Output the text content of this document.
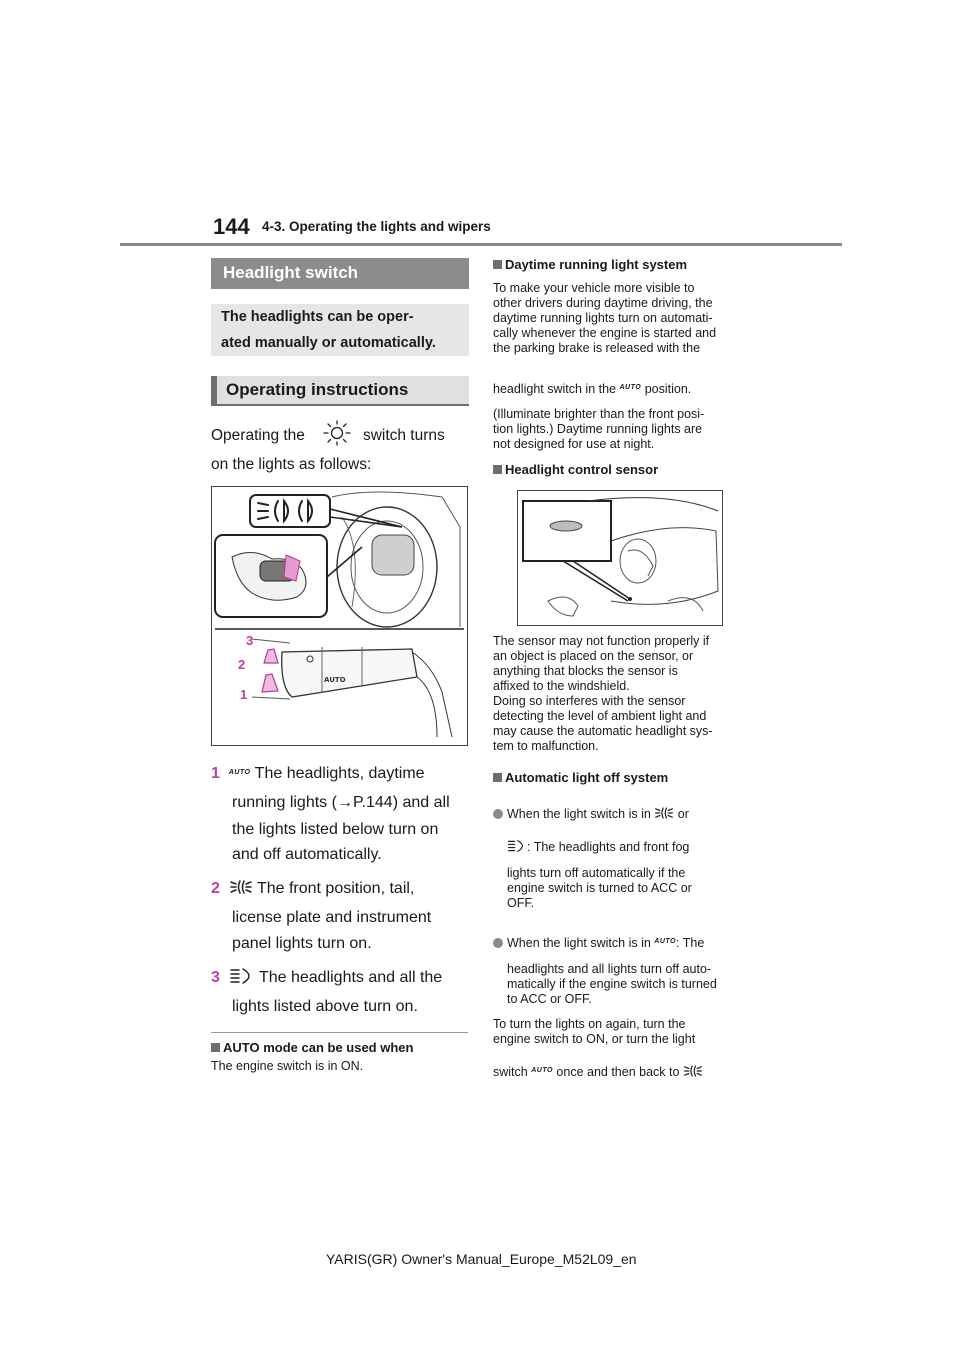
144 4-3. Operating the lights and wipers
Headlight switch
The headlights can be oper-
ated manually or automatically.
Operating instructions
Operating the	switch turns
on the lights as follows:
AUTO
3
2
1
1 $^{AUTO}$ The headlights, daytime
running lights (→P.144) and all
the lights listed below turn on
and off automatically.
2 The front position, tail,
license plate and instrument
panel lights turn on.
3 The headlights and all the
lights listed above turn on.
AUTO mode can be used when
The engine switch is in ON.
Daytime running light system
To make your vehicle more visible to
other drivers during daytime driving, the
daytime running lights turn on automati-
cally whenever the engine is started and
the parking brake is released with the
headlight switch in the $^{AUTO}$ position.
(Illuminate brighter than the front posi-
tion lights.) Daytime running lights are
not designed for use at night.
Headlight control sensor
The sensor may not function properly if
an object is placed on the sensor, or
anything that blocks the sensor is
affixed to the windshield.
Doing so interferes with the sensor
detecting the level of ambient light and
may cause the automatic headlight sys-
tem to malfunction.
Automatic light off system
When the light switch is in or
: The headlights and front fog
lights turn off automatically if the
engine switch is turned to ACC or
OFF.
When the light switch is in $^{AUTO}$: The
headlights and all lights turn off auto-
matically if the engine switch is turned
to ACC or OFF.
To turn the lights on again, turn the
engine switch to ON, or turn the light
switch $^{AUTO}$ once and then back to
YARIS(GR) Owner's Manual_Europe_M52L09_en
